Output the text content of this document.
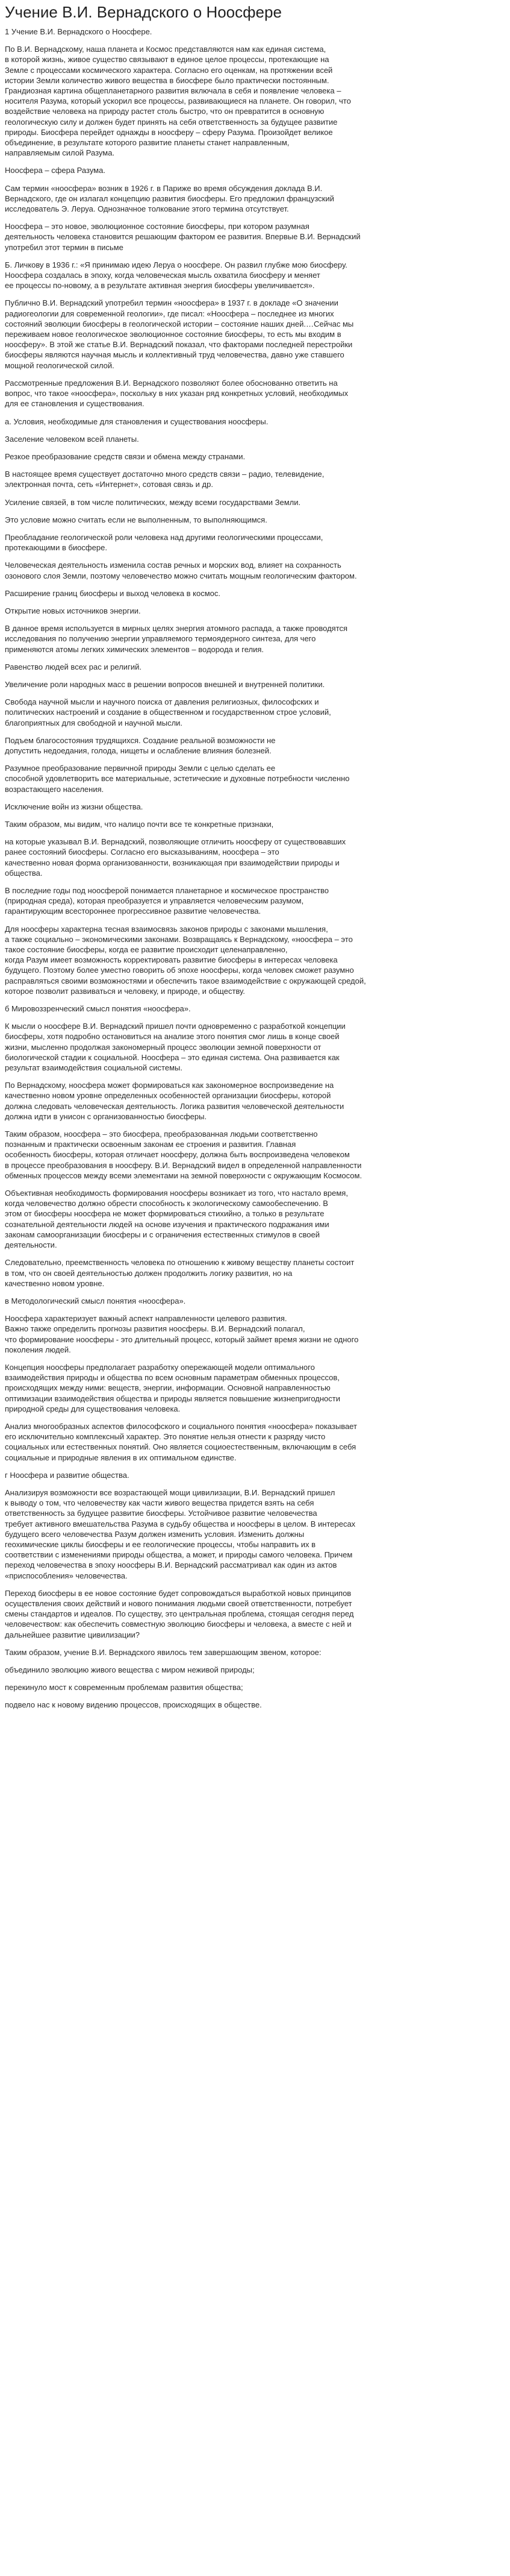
Учение В.И. Вернадского о Ноосфере

1 Учение В.И. Вернадского о Ноосфере.

По В.И. Вернадскому, наша планета и Космос представляются нам как единая система,
в которой жизнь, живое существо связывают в единое целое процессы, протекающие на
Земле с процессами космического характера. Согласно его оценкам, на протяжении всей
истории Земли количество живого вещества в биосфере было практически постоянным.
Грандиозная картина общепланетарного развития включала в себя и появление человека –
носителя Разума, который ускорил все процессы, развивающиеся на планете. Он говорил, что
воздействие человека на природу растет столь быстро, что он превратится в основную
геологическую силу и должен будет принять на себя ответственность за будущее развитие
природы. Биосфера перейдет однажды в ноосферу – сферу Разума. Произойдет великое
объединение, в результате которого развитие планеты станет направленным,
направляемым силой Разума.

Ноосфера – сфера Разума.

Сам термин «ноосфера» возник в 1926 г. в Париже во время обсуждения доклада В.И.
Вернадского, где он излагал концепцию развития биосферы. Его предложил французский
исследователь Э. Леруа. Однозначное толкование этого термина отсутствует.

Ноосфера – это новое, эволюционное состояние биосферы, при котором разумная
деятельность человека становится решающим фактором ее развития. Впервые В.И. Вернадский
употребил этот термин в письме

Б. Личкову в 1936 г.: «Я принимаю идею Леруа о ноосфере. Он развил глубже мою биосферу.
Ноосфера создалась в эпоху, когда человеческая мысль охватила биосферу и меняет
ее процессы по-новому, а в результате активная энергия биосферы увеличивается».

Публично В.И. Вернадский употребил термин «ноосфера» в 1937 г. в докладе «О значении
радиогеологии для современной геологии», где писал: «Ноосфера – последнее из многих
состояний эволюции биосферы в геологической истории – состояние наших дней.…Сейчас мы
переживаем новое геологическое эволюционное состояние биосферы, то есть мы входим в
ноосферу». В этой же статье В.И. Вернадский показал, что факторами последней перестройки
биосферы являются научная мысль и коллективный труд человечества, давно уже ставшего
мощной геологической силой.

Рассмотренные предложения В.И. Вернадского позволяют более обоснованно ответить на
вопрос, что такое «ноосфера», поскольку в них указан ряд конкретных условий, необходимых
для ее становления и существования.

а. Условия, необходимые для становления и существования ноосферы.

Заселение человеком всей планеты.

Резкое преобразование средств связи и обмена между странами.

В настоящее время существует достаточно много средств связи – радио, телевидение,
электронная почта, сеть «Интернет», сотовая связь и др.

Усиление связей, в том числе политических, между всеми государствами Земли.

Это условие можно считать если не выполненным, то выполняющимся.

Преобладание геологической роли человека над другими геологическими процессами,
протекающими в биосфере.

Человеческая деятельность изменила состав речных и морских вод, влияет на сохранность
озонового слоя Земли, поэтому человечество можно считать мощным геологическим фактором.

Расширение границ биосферы и выход человека в космос.

Открытие новых источников энергии.

В данное время используется в мирных целях энергия атомного распада, а также проводятся
исследования по получению энергии управляемого термоядерного синтеза, для чего
применяются атомы легких химических элементов – водорода и гелия.

Равенство людей всех рас и религий.

Увеличение роли народных масс в решении вопросов внешней и внутренней политики.

Свобода научной мысли и научного поиска от давления религиозных, философских и
политических настроений и создание в общественном и государственном строе условий,
благоприятных для свободной и научной мысли.

Подъем благосостояния трудящихся. Создание реальной возможности не
допустить недоедания, голода, нищеты и ослабление влияния болезней.

Разумное преобразование первичной природы Земли с целью сделать ее
способной удовлетворить все материальные, эстетические и духовные потребности численно
возрастающего населения.

Исключение войн из жизни общества.

Таким образом, мы видим, что налицо почти все те конкретные признаки,

на которые указывал В.И. Вернадский, позволяющие отличить ноосферу от существовавших
ранее состояний биосферы. Согласно его высказываниям, ноосфера – это
качественно новая форма организованности, возникающая при взаимодействии природы и
общества.

В последние годы под ноосферой понимается планетарное и космическое пространство
(природная среда), которая преобразуется и управляется человеческим разумом,
гарантирующим всестороннее прогрессивное развитие человечества.

Для ноосферы характерна тесная взаимосвязь законов природы с законами мышления,
а также социально – экономическими законами. Возвращаясь к Вернадскому, «ноосфера – это
такое состояние биосферы, когда ее развитие происходит целенаправленно,
когда Разум имеет возможность корректировать развитие биосферы в интересах человека
будущего. Поэтому более уместно говорить об эпохе ноосферы, когда человек сможет разумно
расправляться своими возможностями и обеспечить такое взаимодействие с окружающей средой,
которое позволит развиваться и человеку, и природе, и обществу.

б Мировоззренческий смысл понятия «ноосфера».

К мысли о ноосфере В.И. Вернадский пришел почти одновременно с разработкой концепции
биосферы, хотя подробно остановиться на анализе этого понятия смог лишь в конце своей
жизни, мысленно продолжая закономерный процесс эволюции земной поверхности от
биологической стадии к социальной. Ноосфера – это единая система. Она развивается как
результат взаимодействия социальной системы.

По Вернадскому, ноосфера может формироваться как закономерное воспроизведение на
качественно новом уровне определенных особенностей организации биосферы, которой
должна следовать человеческая деятельность. Логика развития человеческой деятельности
должна идти в унисон с организованностью биосферы.

Таким образом, ноосфера – это биосфера, преобразованная людьми соответственно
познанным и практически освоенным законам ее строения и развития. Главная
особенность биосферы, которая отличает ноосферу, должна быть воспроизведена человеком
в процессе преобразования в ноосферу. В.И. Вернадский видел в определенной направленности
обменных процессов между всеми элементами на земной поверхности с окружающим Космосом.

Объективная необходимость формирования ноосферы возникает из того, что настало время,
когда человечество должно обрести способность к экологическому самообеспечению. В
этом от биосферы ноосфера не может формироваться стихийно, а только в результате
сознательной деятельности людей на основе изучения и практического подражания ими
законам самоорганизации биосферы и с ограничения естественных стимулов в своей
деятельности.

Следовательно, преемственность человека по отношению к живому веществу планеты состоит
в том, что он своей деятельностью должен продолжить логику развития, но на
качественно новом уровне.

в Методологический смысл понятия «ноосфера».

Ноосфера характеризует важный аспект направленности целевого развития.
Важно также определить прогнозы развития ноосферы. В.И. Вернадский полагал,
что формирование ноосферы - это длительный процесс, который займет время жизни не одного
поколения людей.

Концепция ноосферы предполагает разработку опережающей модели оптимального
взаимодействия природы и общества по всем основным параметрам обменных процессов,
происходящих между ними: веществ, энергии, информации. Основной направленностью
оптимизации взаимодействия общества и природы является повышение жизнепригодности
природной среды для существования человека.

Анализ многообразных аспектов философского и социального понятия «ноосфера» показывает
его исключительно комплексный характер. Это понятие нельзя отнести к разряду чисто
социальных или естественных понятий. Оно является социоестественным, включающим в себя
социальные и природные явления в их оптимальном единстве.

г Ноосфера и развитие общества.

Анализируя возможности все возрастающей мощи цивилизации, В.И. Вернадский пришел
к выводу о том, что человечеству как части живого вещества придется взять на себя
ответственность за будущее развитие биосферы. Устойчивое развитие человечества
требует активного вмешательства Разума в судьбу общества и ноосферы в целом. В интересах
будущего всего человечества Разум должен изменить условия. Изменить должны
геохимические циклы биосферы и ее геологические процессы, чтобы направить их в
соответствии с изменениями природы общества, а может, и природы самого человека. Причем
переход человечества в эпоху ноосферы В.И. Вернадский рассматривал как один из актов
«приспособления» человечества.

Переход биосферы в ее новое состояние будет сопровождаться выработкой новых принципов
осуществления своих действий и нового понимания людьми своей ответственности, потребует
смены стандартов и идеалов. По существу, это центральная проблема, стоящая сегодня перед
человечеством: как обеспечить совместную эволюцию биосферы и человека, а вместе с ней и
дальнейшее развитие цивилизации?

Таким образом, учение В.И. Вернадского явилось тем завершающим звеном, которое:

объединило эволюцию живого вещества с миром неживой природы;

перекинуло мост к современным проблемам развития общества;

подвело нас к новому видению процессов, происходящих в обществе.
